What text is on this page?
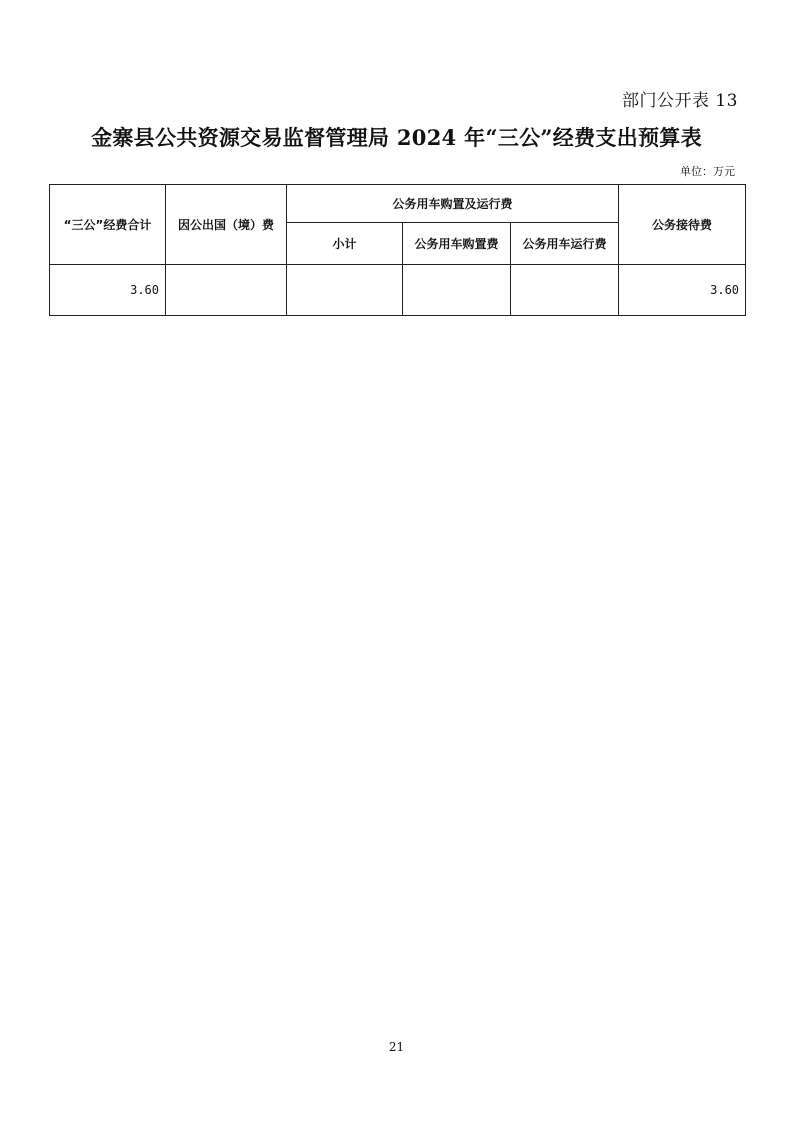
部门公开表 13
金寨县公共资源交易监督管理局 2024 年“三公”经费支出预算表
单位：万元
“三公”经费合计	因公出国（境）费	公务用车购置及运行费			公务接待费
		小计	公务用车购置费	公务用车运行费	
3.60					3.60
21
